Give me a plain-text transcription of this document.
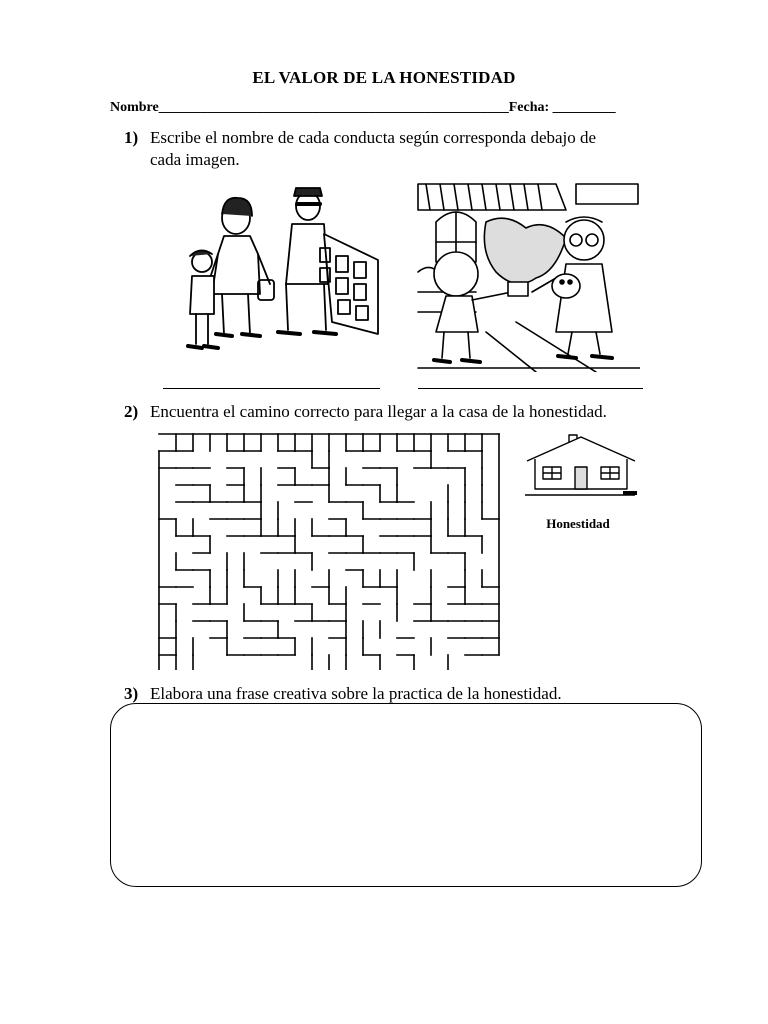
EL VALOR DE LA HONESTIDAD
Nombre__________________________________________________Fecha: _________
1) Escribe el nombre de cada conducta según corresponda debajo de
cada imagen.
2) Encuentra el camino correcto para llegar a la casa de la honestidad.
Honestidad
3) Elabora una frase creativa sobre la practica de la honestidad.
